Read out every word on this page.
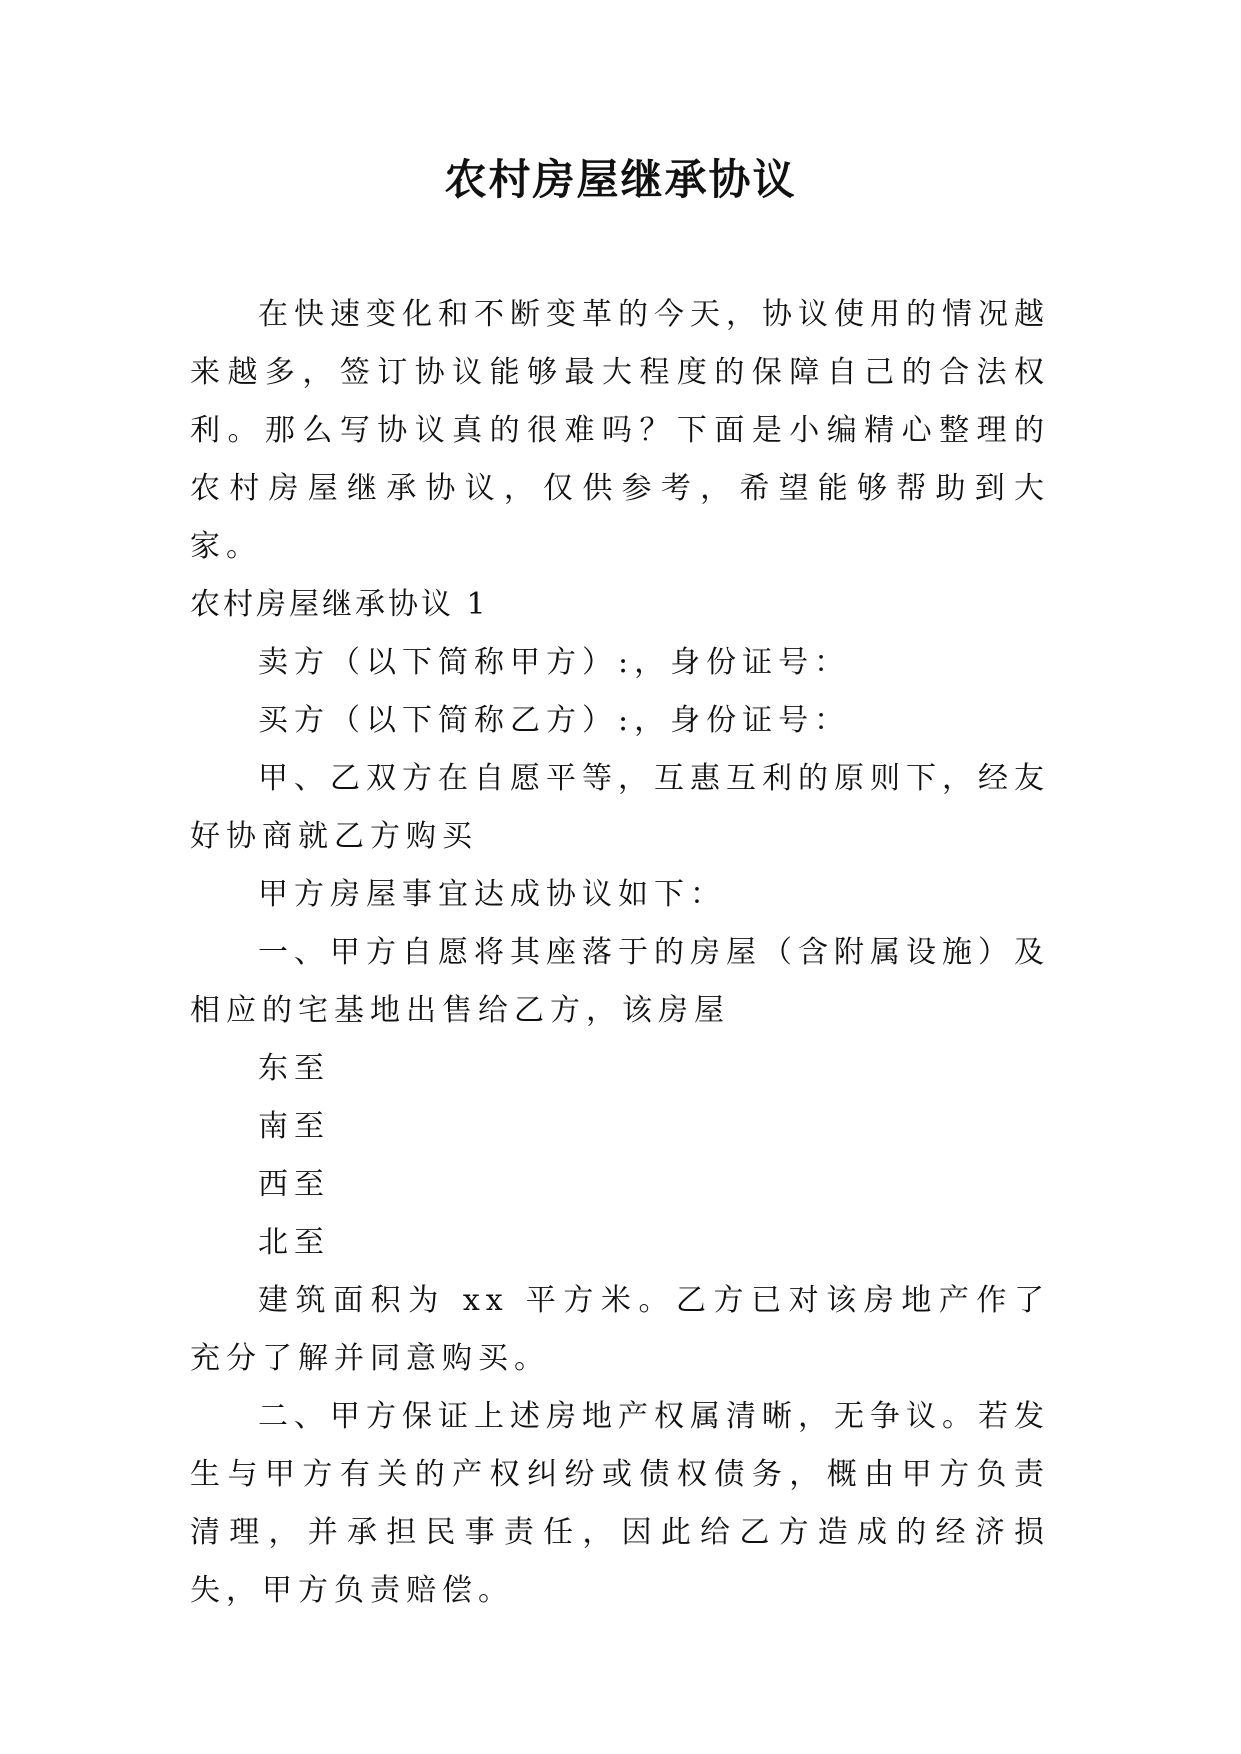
农村房屋继承协议

在快速变化和不断变革的今天，协议使用的情况越来越多，签订协议能够最大程度的保障自己的合法权利。那么写协议真的很难吗？下面是小编精心整理的农村房屋继承协议，仅供参考，希望能够帮助到大家。

农村房屋继承协议 1

卖方（以下简称甲方）:，身份证号：

买方（以下简称乙方）:，身份证号：

甲、乙双方在自愿平等，互惠互利的原则下，经友好协商就乙方购买

甲方房屋事宜达成协议如下：

一、甲方自愿将其座落于的房屋（含附属设施）及相应的宅基地出售给乙方，该房屋

东至

南至

西至

北至

建筑面积为 xx 平方米。乙方已对该房地产作了充分了解并同意购买。

二、甲方保证上述房地产权属清晰，无争议。若发生与甲方有关的产权纠纷或债权债务，概由甲方负责清理，并承担民事责任，因此给乙方造成的经济损失，甲方负责赔偿。
